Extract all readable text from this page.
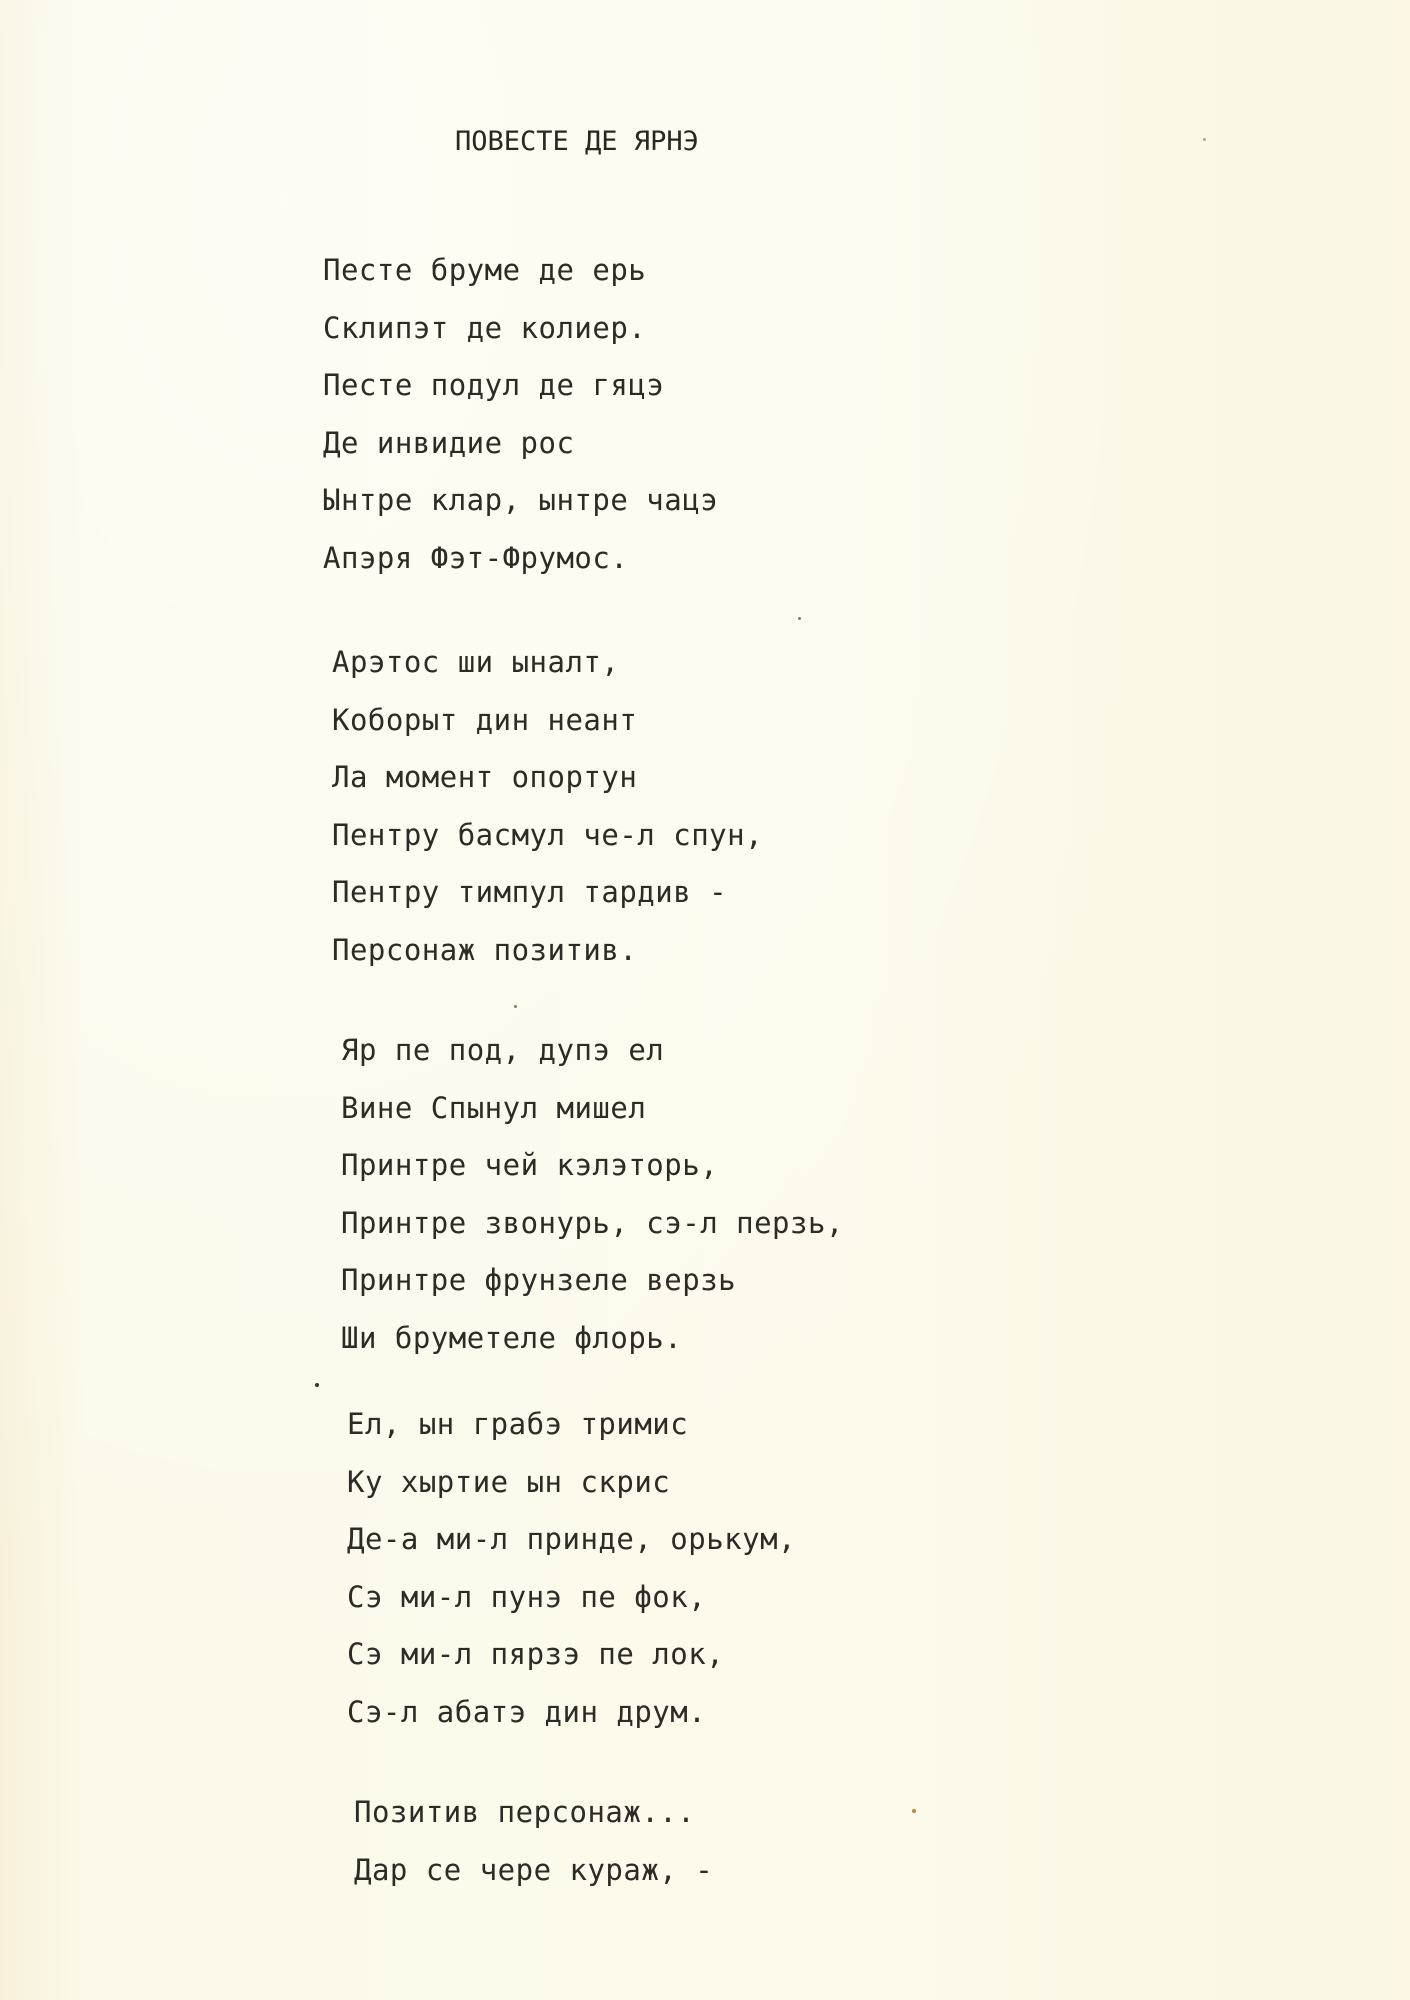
ПОВЕСТЕ ДЕ ЯРНЭ
Песте бруме де ерь
Склипэт де колиер.
Песте подул де гяцэ
Де инвидие рос
Ынтре клар, ынтре чацэ
Апэря Фэт-Фрумос.
Арэтос ши ыналт,
Коборыт дин неант
Ла момент опортун
Пентру басмул че-л спун,
Пентру тимпул тардив -
Персонаж позитив.
Яр пе под, дупэ ел
Вине Спынул мишел
Принтре чей кэлэторь,
Принтре звонурь, сэ-л перзь,
Принтре фрунзеле верзь
Ши бруметеле флорь.
Ел, ын грабэ тримис
Ку хыртие ын скрис
Де-а ми-л принде, орькум,
Сэ ми-л пунэ пе фок,
Сэ ми-л пярзэ пе лок,
Сэ-л абатэ дин друм.
Позитив персонаж...
Дар се чере кураж, -
